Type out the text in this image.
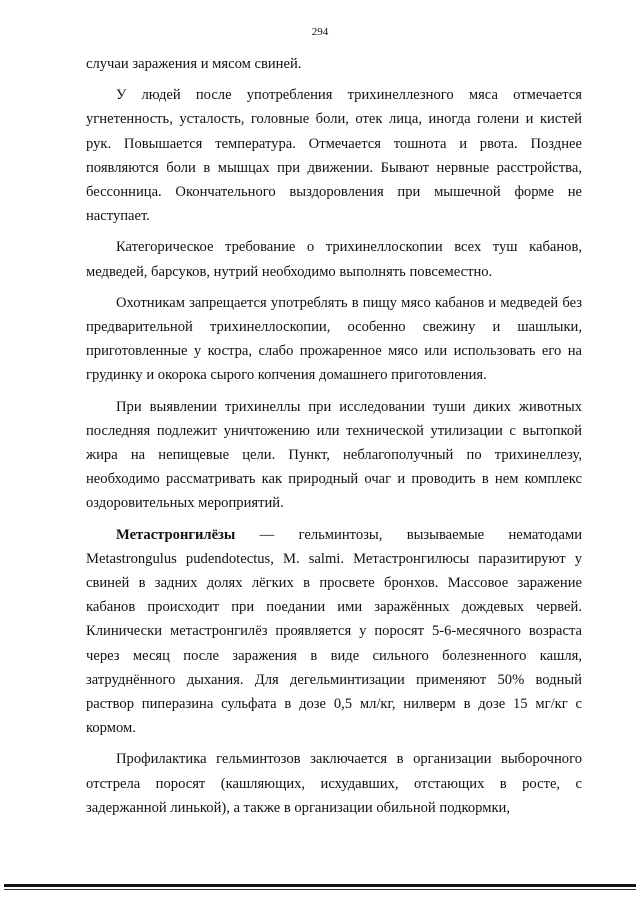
294

случаи заражения и мясом свиней.

У людей после употребления трихинеллезного мяса отмечается угнетенность, усталость, головные боли, отек лица, иногда голени и кистей рук. Повышается температура. Отмечается тошнота и рвота. Позднее появляются боли в мышцах при движении. Бывают нервные расстройства, бессонница. Окончательного выздоровления при мышечной форме не наступает.

Категорическое требование о трихинеллоскопии всех туш кабанов, медведей, барсуков, нутрий необходимо выполнять повсеместно.

Охотникам запрещается употреблять в пищу мясо кабанов и медведей без предварительной трихинеллоскопии, особенно свежину и шашлыки, приготовленные у костра, слабо прожаренное мясо или использовать его на грудинку и окорока сырого копчения домашнего приготовления.

При выявлении трихинеллы при исследовании туши диких животных последняя подлежит уничтожению или технической утилизации с вытопкой жира на непищевые цели. Пункт, неблагополучный по трихинеллезу, необходимо рассматривать как природный очаг и проводить в нем комплекс оздоровительных мероприятий.

Метастронгилёзы — гельминтозы, вызываемые нематодами Metastrongulus pudendotectus, M. salmi. Метастронгилюсы паразитируют у свиней в задних долях лёгких в просвете бронхов. Массовое заражение кабанов происходит при поедании ими заражённых дождевых червей. Клинически метастронгилёз проявляется у поросят 5-6-месячного возраста через месяц после заражения в виде сильного болезненного кашля, затруднённого дыхания. Для дегельминтизации применяют 50% водный раствор пиперазина сульфата в дозе 0,5 мл/кг, нилверм в дозе 15 мг/кг с кормом.

Профилактика гельминтозов заключается в организации выборочного отстрела поросят (кашляющих, исхудавших, отстающих в росте, с задержанной линькой), а также в организации обильной подкормки,
